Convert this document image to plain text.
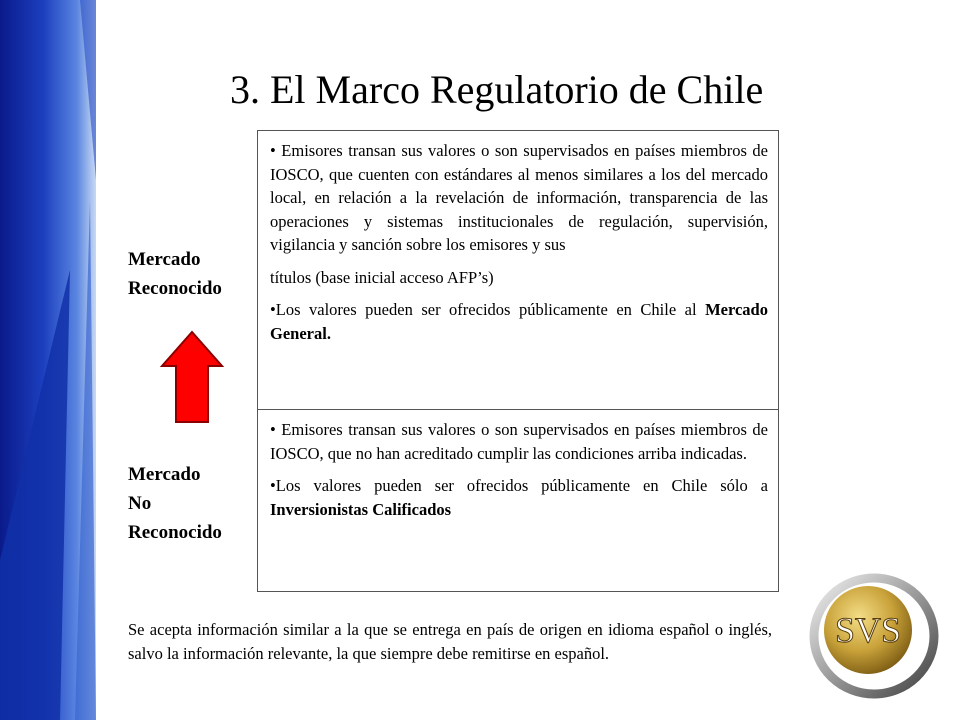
3. El Marco Regulatorio de Chile
Mercado
Reconocido
Mercado
No
Reconocido

• Emisores transan sus valores o son supervisados en países miembros de IOSCO, que cuenten con estándares al menos similares a los del mercado local, en relación a la revelación de información, transparencia de las operaciones y sistemas institucionales de regulación, supervisión, vigilancia y sanción sobre los emisores y sus

títulos (base inicial acceso AFP’s)

•Los valores pueden ser ofrecidos públicamente en Chile al Mercado General.

• Emisores transan sus valores o son supervisados en países miembros de IOSCO, que no han acreditado cumplir las condiciones arriba indicadas.

•Los valores pueden ser ofrecidos públicamente en Chile sólo a Inversionistas Calificados

Se acepta información similar a la que se entrega en país de origen en idioma español o inglés, salvo la información relevante, la que siempre debe remitirse en español.
SVS
